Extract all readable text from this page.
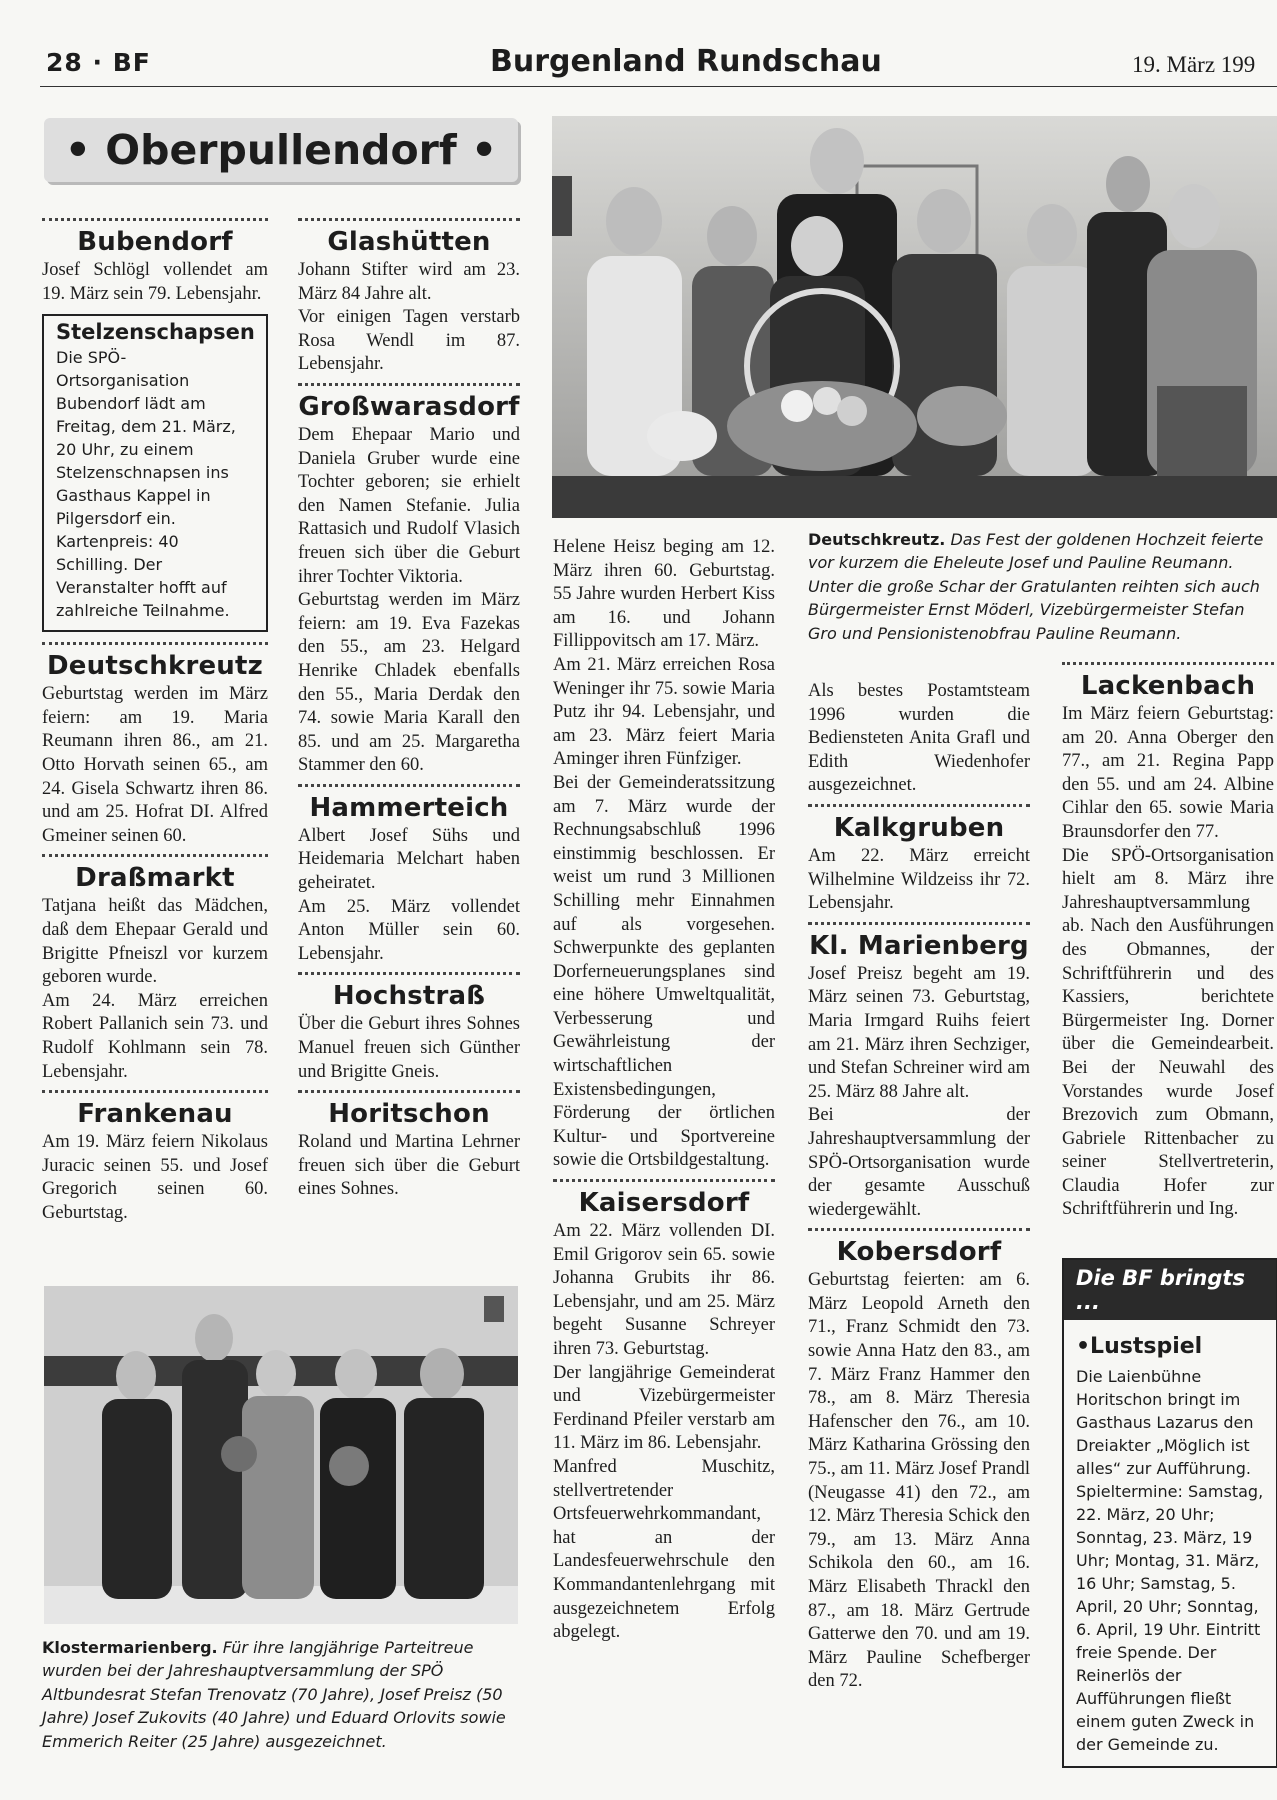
28 · BF	Burgenland Rundschau	19. März 199
• Oberpullendorf •
Bubendorf

Josef Schlögl vollendet am 19. März sein 79. Lebensjahr.

Stelzenschapsen

Die SPÖ-Ortsorganisation Bubendorf lädt am Freitag, dem 21. März, 20 Uhr, zu einem Stelzenschnapsen ins Gasthaus Kappel in Pilgersdorf ein. Kartenpreis: 40 Schilling. Der Veranstalter hofft auf zahlreiche Teilnahme.

Deutschkreutz

Geburtstag werden im März feiern: am 19. Maria Reumann ihren 86., am 21. Otto Horvath seinen 65., am 24. Gisela Schwartz ihren 86. und am 25. Hofrat DI. Alfred Gmeiner seinen 60.

Draßmarkt

Tatjana heißt das Mädchen, daß dem Ehepaar Gerald und Brigitte Pfneiszl vor kurzem geboren wurde.

Am 24. März erreichen Robert Pallanich sein 73. und Rudolf Kohlmann sein 78. Lebensjahr.

Frankenau

Am 19. März feiern Nikolaus Juracic seinen 55. und Josef Gregorich seinen 60. Geburtstag.

Glashütten

Johann Stifter wird am 23. März 84 Jahre alt.

Vor einigen Tagen verstarb Rosa Wendl im 87. Lebensjahr.

Großwarasdorf

Dem Ehepaar Mario und Daniela Gruber wurde eine Tochter geboren; sie erhielt den Namen Stefanie. Julia Rattasich und Rudolf Vlasich freuen sich über die Geburt ihrer Tochter Viktoria.

Geburtstag werden im März feiern: am 19. Eva Fazekas den 55., am 23. Helgard Henrike Chladek ebenfalls den 55., Maria Derdak den 74. sowie Maria Karall den 85. und am 25. Margaretha Stammer den 60.

Hammerteich

Albert Josef Sühs und Heidemaria Melchart haben geheiratet.

Am 25. März vollendet Anton Müller sein 60. Lebensjahr.

Hochstraß

Über die Geburt ihres Sohnes Manuel freuen sich Günther und Brigitte Gneis.

Horitschon

Roland und Martina Lehrner freuen sich über die Geburt eines Sohnes.

Helene Heisz beging am 12. März ihren 60. Geburtstag. 55 Jahre wurden Herbert Kiss am 16. und Johann Fillippovitsch am 17. März.

Am 21. März erreichen Rosa Weninger ihr 75. sowie Maria Putz ihr 94. Lebensjahr, und am 23. März feiert Maria Aminger ihren Fünfziger.

Bei der Gemeinderatssitzung am 7. März wurde der Rechnungsabschluß 1996 einstimmig beschlossen. Er weist um rund 3 Millionen Schilling mehr Einnahmen auf als vorgesehen. Schwerpunkte des geplanten Dorferneuerungsplanes sind eine höhere Umweltqualität, Verbesserung und Gewährleistung der wirtschaftlichen Existensbedingungen, Förderung der örtlichen Kultur- und Sportvereine sowie die Ortsbildgestaltung.

Kaisersdorf

Am 22. März vollenden DI. Emil Grigorov sein 65. sowie Johanna Grubits ihr 86. Lebensjahr, und am 25. März begeht Susanne Schreyer ihren 73. Geburtstag.

Der langjährige Gemeinderat und Vizebürgermeister Ferdinand Pfeiler verstarb am 11. März im 86. Lebensjahr.

Manfred Muschitz, stellvertretender Ortsfeuerwehrkommandant, hat an der Landesfeuerwehrschule den Kommandantenlehrgang mit ausgezeichnetem Erfolg abgelegt.

Deutschkreutz. Das Fest der goldenen Hochzeit feierte vor kurzem die Eheleute Josef und Pauline Reumann. Unter die große Schar der Gratulanten reihten sich auch Bürgermeister Ernst Möderl, Vizebürgermeister Stefan Gro und Pensionistenobfrau Pauline Reumann.

Als bestes Postamtsteam 1996 wurden die Bediensteten Anita Grafl und Edith Wiedenhofer ausgezeichnet.

Kalkgruben

Am 22. März erreicht Wilhelmine Wildzeiss ihr 72. Lebensjahr.

Kl. Marienberg

Josef Preisz begeht am 19. März seinen 73. Geburtstag, Maria Irmgard Ruihs feiert am 21. März ihren Sechziger, und Stefan Schreiner wird am 25. März 88 Jahre alt.

Bei der Jahreshauptversammlung der SPÖ-Ortsorganisation wurde der gesamte Ausschuß wiedergewählt.

Kobersdorf

Geburtstag feierten: am 6. März Leopold Arneth den 71., Franz Schmidt den 73. sowie Anna Hatz den 83., am 7. März Franz Hammer den 78., am 8. März Theresia Hafenscher den 76., am 10. März Katharina Grössing den 75., am 11. März Josef Prandl (Neugasse 41) den 72., am 12. März Theresia Schick den 79., am 13. März Anna Schikola den 60., am 16. März Elisabeth Thrackl den 87., am 18. März Gertrude Gatterwe den 70. und am 19. März Pauline Schefberger den 72.

Lackenbach

Im März feiern Geburtstag: am 20. Anna Oberger den 77., am 21. Regina Papp den 55. und am 24. Albine Cihlar den 65. sowie Maria Braunsdorfer den 77.

Die SPÖ-Ortsorganisation hielt am 8. März ihre Jahreshauptversammlung ab. Nach den Ausführungen des Obmannes, der Schriftführerin und des Kassiers, berichtete Bürgermeister Ing. Dorner über die Gemeindearbeit. Bei der Neuwahl des Vorstandes wurde Josef Brezovich zum Obmann, Gabriele Rittenbacher zu seiner Stellvertreterin, Claudia Hofer zur Schriftführerin und Ing.

Die BF bringts ...
•Lustspiel
Die Laienbühne Horitschon bringt im Gasthaus Lazarus den Dreiakter „Möglich ist alles“ zur Aufführung. Spieltermine: Samstag, 22. März, 20 Uhr; Sonntag, 23. März, 19 Uhr; Montag, 31. März, 16 Uhr; Samstag, 5. April, 20 Uhr; Sonntag, 6. April, 19 Uhr. Eintritt freie Spende. Der Reinerlös der Aufführungen fließt einem guten Zweck in der Gemeinde zu.
Klostermarienberg. Für ihre langjährige Parteitreue wurden bei der Jahreshauptversammlung der SPÖ Altbundesrat Stefan Trenovatz (70 Jahre), Josef Preisz (50 Jahre) Josef Zukovits (40 Jahre) und Eduard Orlovits sowie Emmerich Reiter (25 Jahre) ausgezeichnet.
